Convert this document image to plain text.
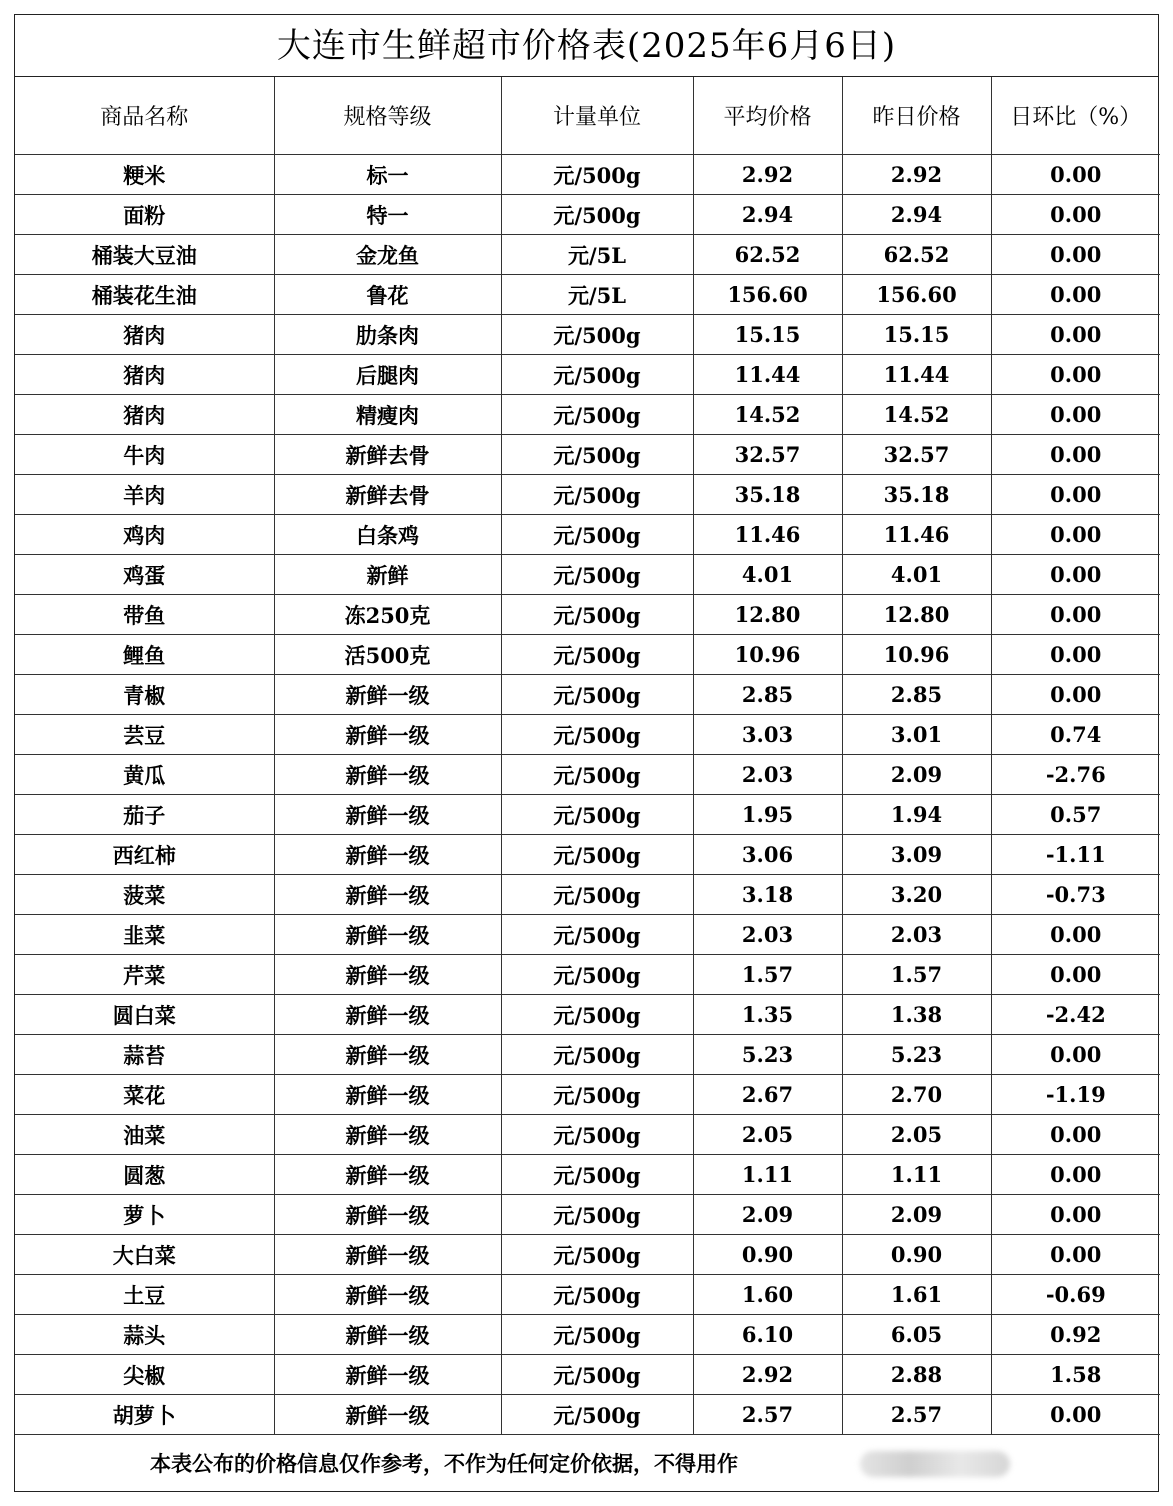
大连市生鲜超市价格表(2025年6月6日)
商品名称	规格等级	计量单位	平均价格	昨日价格	日环比（%）
粳米	标一	元/500g	2.92	2.92	0.00
面粉	特一	元/500g	2.94	2.94	0.00
桶装大豆油	金龙鱼	元/5L	62.52	62.52	0.00
桶装花生油	鲁花	元/5L	156.60	156.60	0.00
猪肉	肋条肉	元/500g	15.15	15.15	0.00
猪肉	后腿肉	元/500g	11.44	11.44	0.00
猪肉	精瘦肉	元/500g	14.52	14.52	0.00
牛肉	新鲜去骨	元/500g	32.57	32.57	0.00
羊肉	新鲜去骨	元/500g	35.18	35.18	0.00
鸡肉	白条鸡	元/500g	11.46	11.46	0.00
鸡蛋	新鲜	元/500g	4.01	4.01	0.00
带鱼	冻250克	元/500g	12.80	12.80	0.00
鲤鱼	活500克	元/500g	10.96	10.96	0.00
青椒	新鲜一级	元/500g	2.85	2.85	0.00
芸豆	新鲜一级	元/500g	3.03	3.01	0.74
黄瓜	新鲜一级	元/500g	2.03	2.09	-2.76
茄子	新鲜一级	元/500g	1.95	1.94	0.57
西红柿	新鲜一级	元/500g	3.06	3.09	-1.11
菠菜	新鲜一级	元/500g	3.18	3.20	-0.73
韭菜	新鲜一级	元/500g	2.03	2.03	0.00
芹菜	新鲜一级	元/500g	1.57	1.57	0.00
圆白菜	新鲜一级	元/500g	1.35	1.38	-2.42
蒜苔	新鲜一级	元/500g	5.23	5.23	0.00
菜花	新鲜一级	元/500g	2.67	2.70	-1.19
油菜	新鲜一级	元/500g	2.05	2.05	0.00
圆葱	新鲜一级	元/500g	1.11	1.11	0.00
萝卜	新鲜一级	元/500g	2.09	2.09	0.00
大白菜	新鲜一级	元/500g	0.90	0.90	0.00
土豆	新鲜一级	元/500g	1.60	1.61	-0.69
蒜头	新鲜一级	元/500g	6.10	6.05	0.92
尖椒	新鲜一级	元/500g	2.92	2.88	1.58
胡萝卜	新鲜一级	元/500g	2.57	2.57	0.00
本表公布的价格信息仅作参考，不作为任何定价依据，不得用作
